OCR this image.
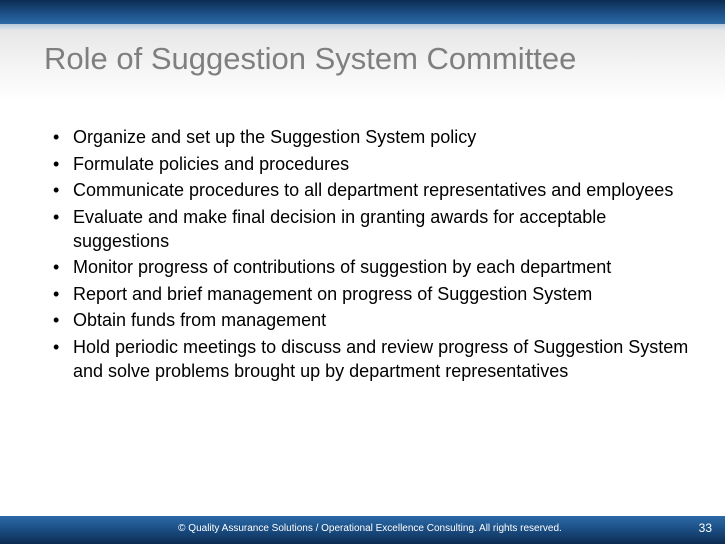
Role of Suggestion System Committee
• Organize and set up the Suggestion System policy
• Formulate policies and procedures
• Communicate procedures to all department representatives and employees
• Evaluate and make final decision in granting awards for acceptable suggestions
• Monitor progress of contributions of suggestion by each department
• Report and brief management on progress of Suggestion System
• Obtain funds from management
• Hold periodic meetings to discuss and review progress of Suggestion System and solve problems brought up by department representatives
© Quality Assurance Solutions / Operational Excellence Consulting. All rights reserved.	33
